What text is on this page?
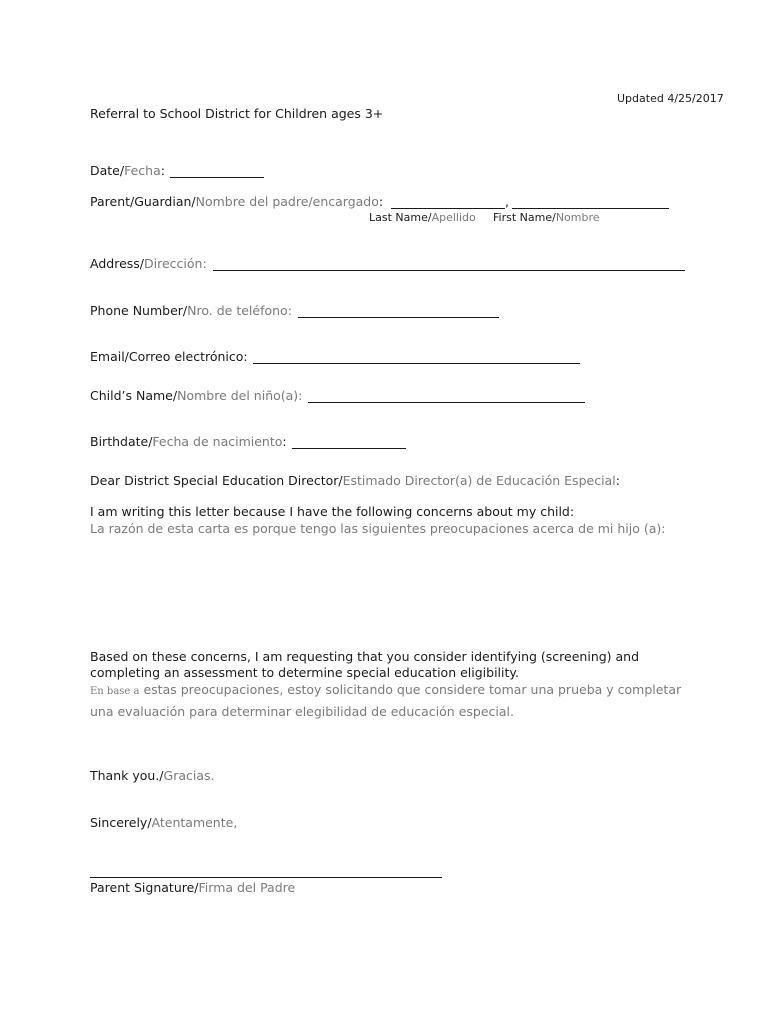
Updated 4/25/2017
Referral to School District for Children ages 3+
Date/Fecha:
Parent/Guardian/Nombre del padre/encargado:	,
Last Name/Apellido First Name/Nombre
Address/Dirección:
Phone Number/Nro. de teléfono:
Email/Correo electrónico:
Child’s Name/Nombre del niño(a):
Birthdate/Fecha de nacimiento:
Dear District Special Education Director/Estimado Director(a) de Educación Especial:
I am writing this letter because I have the following concerns about my child:
La razón de esta carta es porque tengo las siguientes preocupaciones acerca de mi hijo (a):
Based on these concerns, I am requesting that you consider identifying (screening) and
completing an assessment to determine special education eligibility.
En base a estas preocupaciones, estoy solicitando que considere tomar una prueba y completar
una evaluación para determinar elegibilidad de educación especial.
Thank you./Gracias.
Sincerely/Atentamente,
Parent Signature/Firma del Padre
